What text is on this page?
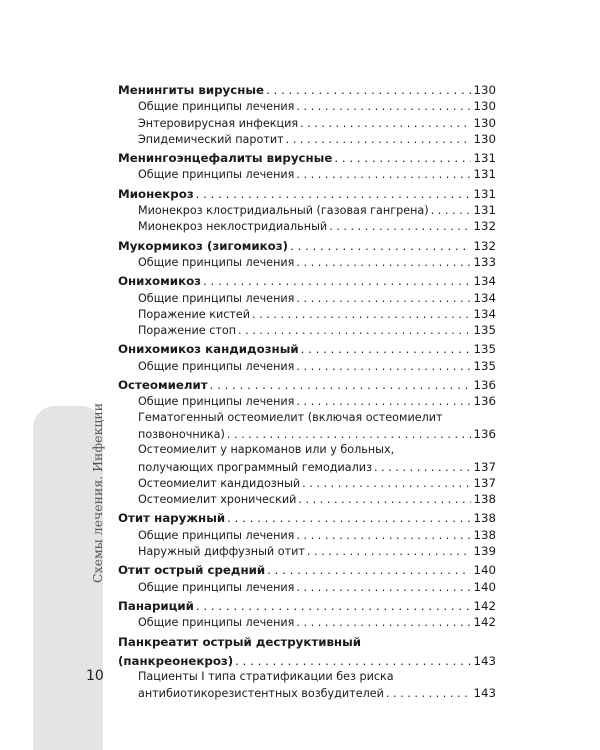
Схемы лечения. Инфекции
10
Менингиты вирусные . . .	130
Общие принципы лечения . . .	130
Энтеровирусная инфекция . . .	130
Эпидемический паротит . . .	130
Менингоэнцефалиты вирусные . . .	131
Общие принципы лечения . . .	131
Мионекроз . . .	131
Мионекроз клостридиальный (газовая гангрена) . . .	131
Мионекроз неклостридиальный . . .	132
Мукормикоз (зигомикоз) . . .	132
Общие принципы лечения . . .	133
Онихомикоз . . .	134
Общие принципы лечения . . .	134
Поражение кистей . . .	134
Поражение стоп . . .	135
Онихомикоз кандидозный . . .	135
Общие принципы лечения . . .	135
Остеомиелит . . .	136
Общие принципы лечения . . .	136
Гематогенный остеомиелит (включая остеомиелит
позвоночника) . . .	136
Остеомиелит у наркоманов или у больных,
получающих программный гемодиализ . . .	137
Остеомиелит кандидозный . . .	137
Остеомиелит хронический . . .	138
Отит наружный . . .	138
Общие принципы лечения . . .	138
Наружный диффузный отит . . .	139
Отит острый средний . . .	140
Общие принципы лечения . . .	140
Панариций . . .	142
Общие принципы лечения . . .	142
Панкреатит острый деструктивный
(панкреонекроз) . . .	143
Пациенты I типа стратификации без риска
антибиотикорезистентных возбудителей . . .	143
